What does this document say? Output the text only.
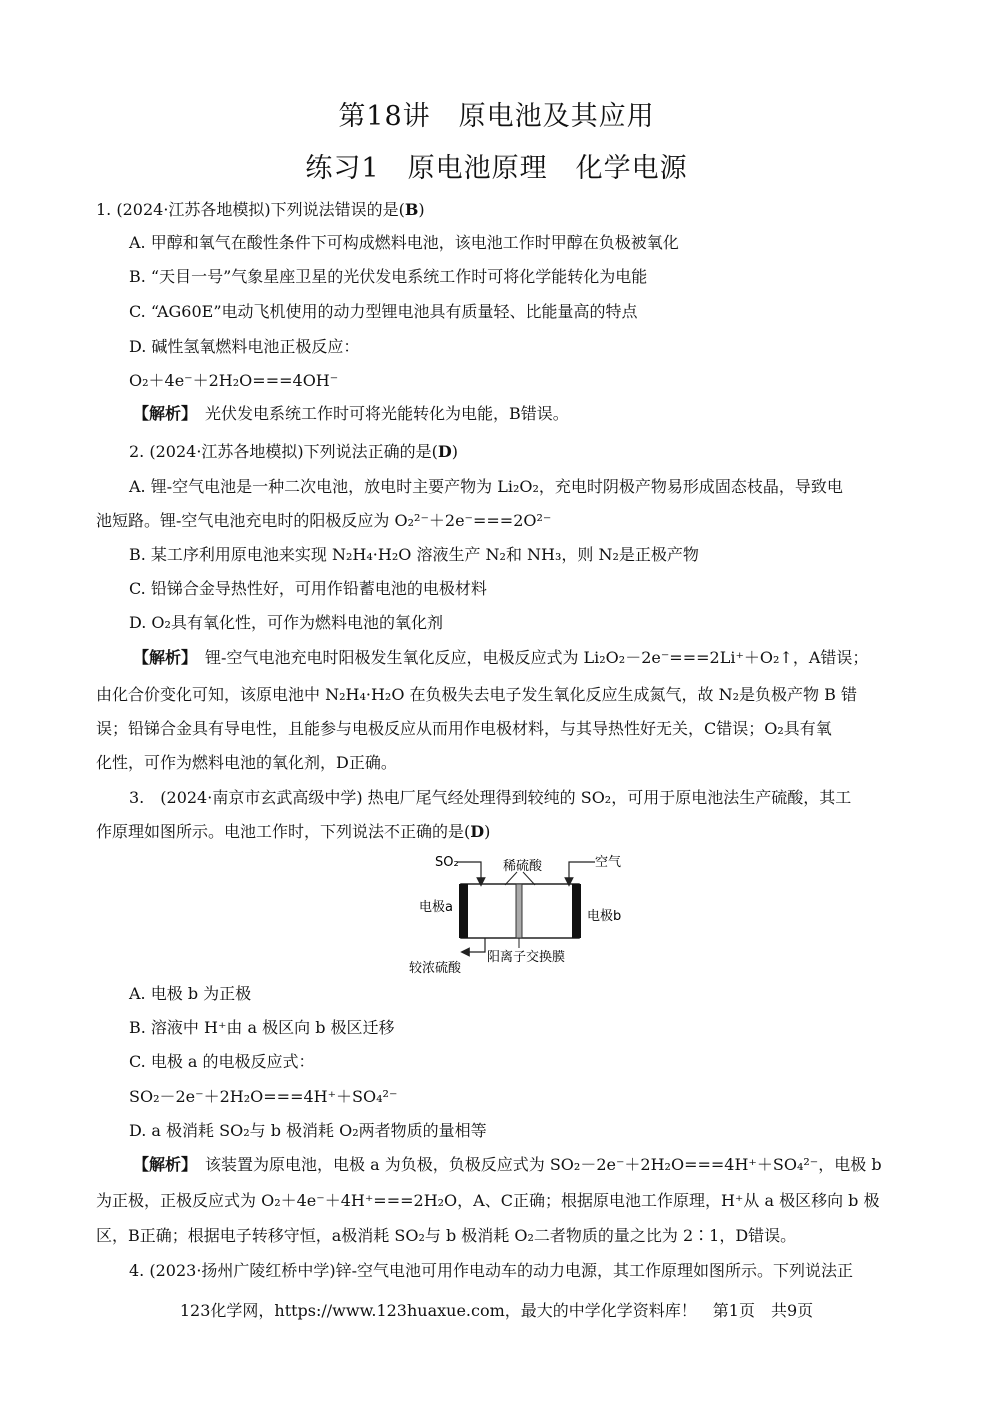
第18讲　原电池及其应用
练习1　原电池原理　化学电源
1. (2024·江苏各地模拟)下列说法错误的是(B)
A. 甲醇和氧气在酸性条件下可构成燃料电池，该电池工作时甲醇在负极被氧化
B. “天目一号”气象星座卫星的光伏发电系统工作时可将化学能转化为电能
C. “AG60E”电动飞机使用的动力型锂电池具有质量轻、比能量高的特点
D. 碱性氢氧燃料电池正极反应：
O₂＋4e⁻＋2H₂O===4OH⁻
【解析】　 光伏发电系统工作时可将光能转化为电能，B错误。
2. (2024·江苏各地模拟)下列说法正确的是(D)
A. 锂-空气电池是一种二次电池，放电时主要产物为 Li₂O₂，充电时阴极产物易形成固态枝晶，导致电
池短路。锂-空气电池充电时的阳极反应为 O₂²⁻＋2e⁻===2O²⁻
B. 某工序利用原电池来实现 N₂H₄·H₂O 溶液生产 N₂和 NH₃，则 N₂是正极产物
C. 铅锑合金导热性好，可用作铅蓄电池的电极材料
D. O₂具有氧化性，可作为燃料电池的氧化剂
【解析】　 锂-空气电池充电时阳极发生氧化反应，电极反应式为 Li₂O₂－2e⁻===2Li⁺＋O₂↑，A错误；
由化合价变化可知，该原电池中 N₂H₄·H₂O 在负极失去电子发生氧化反应生成氮气，故 N₂是负极产物 B 错
误；铅锑合金具有导电性，且能参与电极反应从而用作电极材料，与其导热性好无关，C错误；O₂具有氧
化性，可作为燃料电池的氧化剂，D正确。
3.　(2024·南京市玄武高级中学) 热电厂尾气经处理得到较纯的 SO₂，可用于原电池法生产硫酸，其工
作原理如图所示。电池工作时，下列说法不正确的是(D)
SO₂	稀硫酸	空气
电极a
电极b
较浓硫酸
阳离子交换膜
A. 电极 b 为正极
B. 溶液中 H⁺由 a 极区向 b 极区迁移
C. 电极 a 的电极反应式：
SO₂－2e⁻＋2H₂O===4H⁺＋SO₄²⁻
D. a 极消耗 SO₂与 b 极消耗 O₂两者物质的量相等
【解析】　 该装置为原电池，电极 a 为负极，负极反应式为 SO₂－2e⁻＋2H₂O===4H⁺＋SO₄²⁻，电极 b
为正极，正极反应式为 O₂＋4e⁻＋4H⁺===2H₂O，A、C正确；根据原电池工作原理，H⁺从 a 极区移向 b 极
区，B正确；根据电子转移守恒，a极消耗 SO₂与 b 极消耗 O₂二者物质的量之比为 2∶1，D错误。
4. (2023·扬州广陵红桥中学)锌-空气电池可用作电动车的动力电源，其工作原理如图所示。下列说法正
123化学网，https://www.123huaxue.com，最大的中学化学资料库！　第1页　共9页
